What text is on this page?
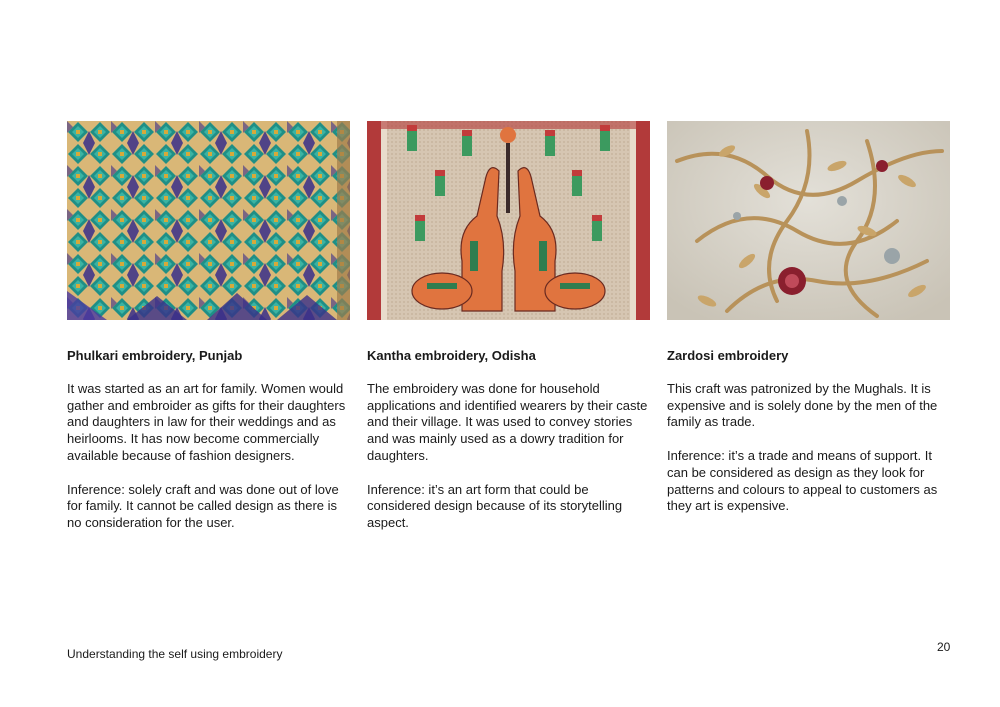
Phulkari embroidery, Punjab

It was started as an art for family. Women would gather and embroider as gifts for their daughters and daughters in law for their weddings and as heirlooms. It has now become commercially available because of fashion designers.

Inference: solely craft and was done out of love for family. It cannot be called design as there is no consideration for the user.

Kantha embroidery, Odisha

The embroidery was done for household applications and identified wearers by their caste and their village. It was used to convey stories and was mainly used as a dowry tradition for daughters.

Inference: it’s an art form that could be considered design because of its storytelling aspect.

Zardosi embroidery

This craft was patronized by the Mughals. It is expensive and is solely done by the men of the family as trade.

Inference: it’s a trade and means of support. It can be considered as design as they look for patterns and colours to appeal to customers as they art is expensive.

Understanding the self using embroidery	20
